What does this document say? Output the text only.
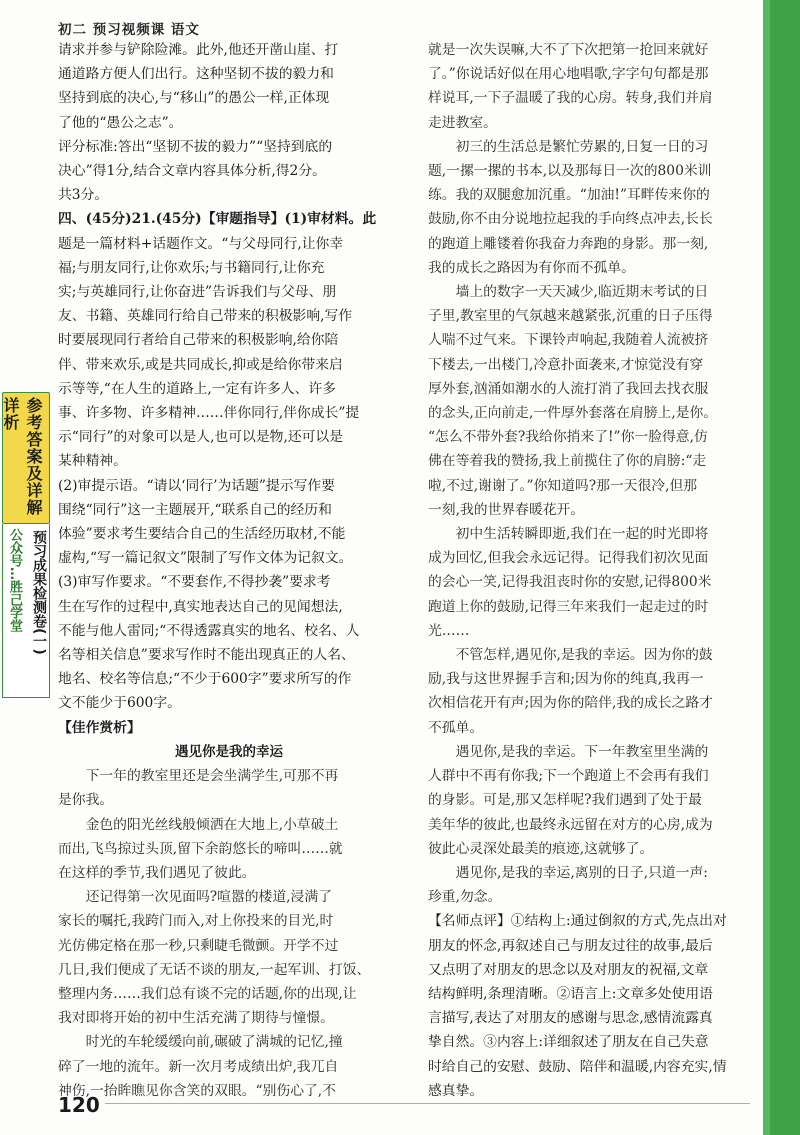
初二 预习视频课 语文
参考答案及详解详析
预习成果检测卷(一)
公众号…胜己学堂
请求并参与铲除险滩。此外,他还开凿山崖、打
通道路方便人们出行。这种坚韧不拔的毅力和
坚持到底的决心,与“移山”的愚公一样,正体现
了他的“愚公之志”。
评分标准:答出“坚韧不拔的毅力”“坚持到底的
决心”得1分,结合文章内容具体分析,得2分。
共3分。
四、(45分)21.(45分)【审题指导】(1)审材料。此
题是一篇材料+话题作文。“与父母同行,让你幸
福;与朋友同行,让你欢乐;与书籍同行,让你充
实;与英雄同行,让你奋进”告诉我们与父母、朋
友、书籍、英雄同行给自己带来的积极影响,写作
时要展现同行者给自己带来的积极影响,给你陪
伴、带来欢乐,或是共同成长,抑或是给你带来启
示等等,“在人生的道路上,一定有许多人、许多
事、许多物、许多精神……伴你同行,伴你成长”提
示“同行”的对象可以是人,也可以是物,还可以是
某种精神。
(2)审提示语。“请以‘同行’为话题”提示写作要
围绕“同行”这一主题展开,“联系自己的经历和
体验”要求考生要结合自己的生活经历取材,不能
虚构,“写一篇记叙文”限制了写作文体为记叙文。
(3)审写作要求。“不要套作,不得抄袭”要求考
生在写作的过程中,真实地表达自己的见闻想法,
不能与他人雷同;“不得透露真实的地名、校名、人
名等相关信息”要求写作时不能出现真正的人名、
地名、校名等信息;“不少于600字”要求所写的作
文不能少于600字。
【佳作赏析】
遇见你是我的幸运
下一年的教室里还是会坐满学生,可那不再
是你我。
金色的阳光丝线般倾洒在大地上,小草破土
而出,飞鸟掠过头顶,留下余韵悠长的啼叫……就
在这样的季节,我们遇见了彼此。
还记得第一次见面吗?喧嚣的楼道,浸满了
家长的嘱托,我跨门而入,对上你投来的目光,时
光仿佛定格在那一秒,只剩睫毛微颤。开学不过
几日,我们便成了无话不谈的朋友,一起军训、打饭、
整理内务……我们总有谈不完的话题,你的出现,让
我对即将开始的初中生活充满了期待与憧憬。
时光的车轮缓缓向前,碾破了满城的记忆,撞
碎了一地的流年。新一次月考成绩出炉,我兀自
神伤,一抬眸瞧见你含笑的双眼。“别伤心了,不
就是一次失误嘛,大不了下次把第一抢回来就好
了。”你说话好似在用心地唱歌,字字句句都是那
样说耳,一下子温暖了我的心房。转身,我们并肩
走进教室。
初三的生活总是繁忙劳累的,日复一日的习
题,一摞一摞的书本,以及那每日一次的800米训
练。我的双腿愈加沉重。“加油!”耳畔传来你的
鼓励,你不由分说地拉起我的手向终点冲去,长长
的跑道上雕镂着你我奋力奔跑的身影。那一刻,
我的成长之路因为有你而不孤单。
墙上的数字一天天减少,临近期末考试的日
子里,教室里的气氛越来越紧张,沉重的日子压得
人喘不过气来。下课铃声响起,我随着人流被挤
下楼去,一出楼门,冷意扑面袭来,才惊觉没有穿
厚外套,汹涌如潮水的人流打消了我回去找衣服
的念头,正向前走,一件厚外套落在肩膀上,是你。
“怎么不带外套?我给你捎来了!”你一脸得意,仿
佛在等着我的赞扬,我上前揽住了你的肩膀:“走
啦,不过,谢谢了。”你知道吗?那一天很冷,但那
一刻,我的世界春暖花开。
初中生活转瞬即逝,我们在一起的时光即将
成为回忆,但我会永远记得。记得我们初次见面
的会心一笑,记得我沮丧时你的安慰,记得800米
跑道上你的鼓励,记得三年来我们一起走过的时
光……
不管怎样,遇见你,是我的幸运。因为你的鼓
励,我与这世界握手言和;因为你的纯真,我再一
次相信花开有声;因为你的陪伴,我的成长之路才
不孤单。
遇见你,是我的幸运。下一年教室里坐满的
人群中不再有你我;下一个跑道上不会再有我们
的身影。可是,那又怎样呢?我们遇到了处于最
美年华的彼此,也最终永远留在对方的心房,成为
彼此心灵深处最美的痕迹,这就够了。
遇见你,是我的幸运,离别的日子,只道一声:
珍重,勿念。
【名师点评】①结构上:通过倒叙的方式,先点出对
朋友的怀念,再叙述自己与朋友过往的故事,最后
又点明了对朋友的思念以及对朋友的祝福,文章
结构鲜明,条理清晰。②语言上:文章多处使用语
言描写,表达了对朋友的感谢与思念,感情流露真
挚自然。③内容上:详细叙述了朋友在自己失意
时给自己的安慰、鼓励、陪伴和温暖,内容充实,情
感真挚。
120
